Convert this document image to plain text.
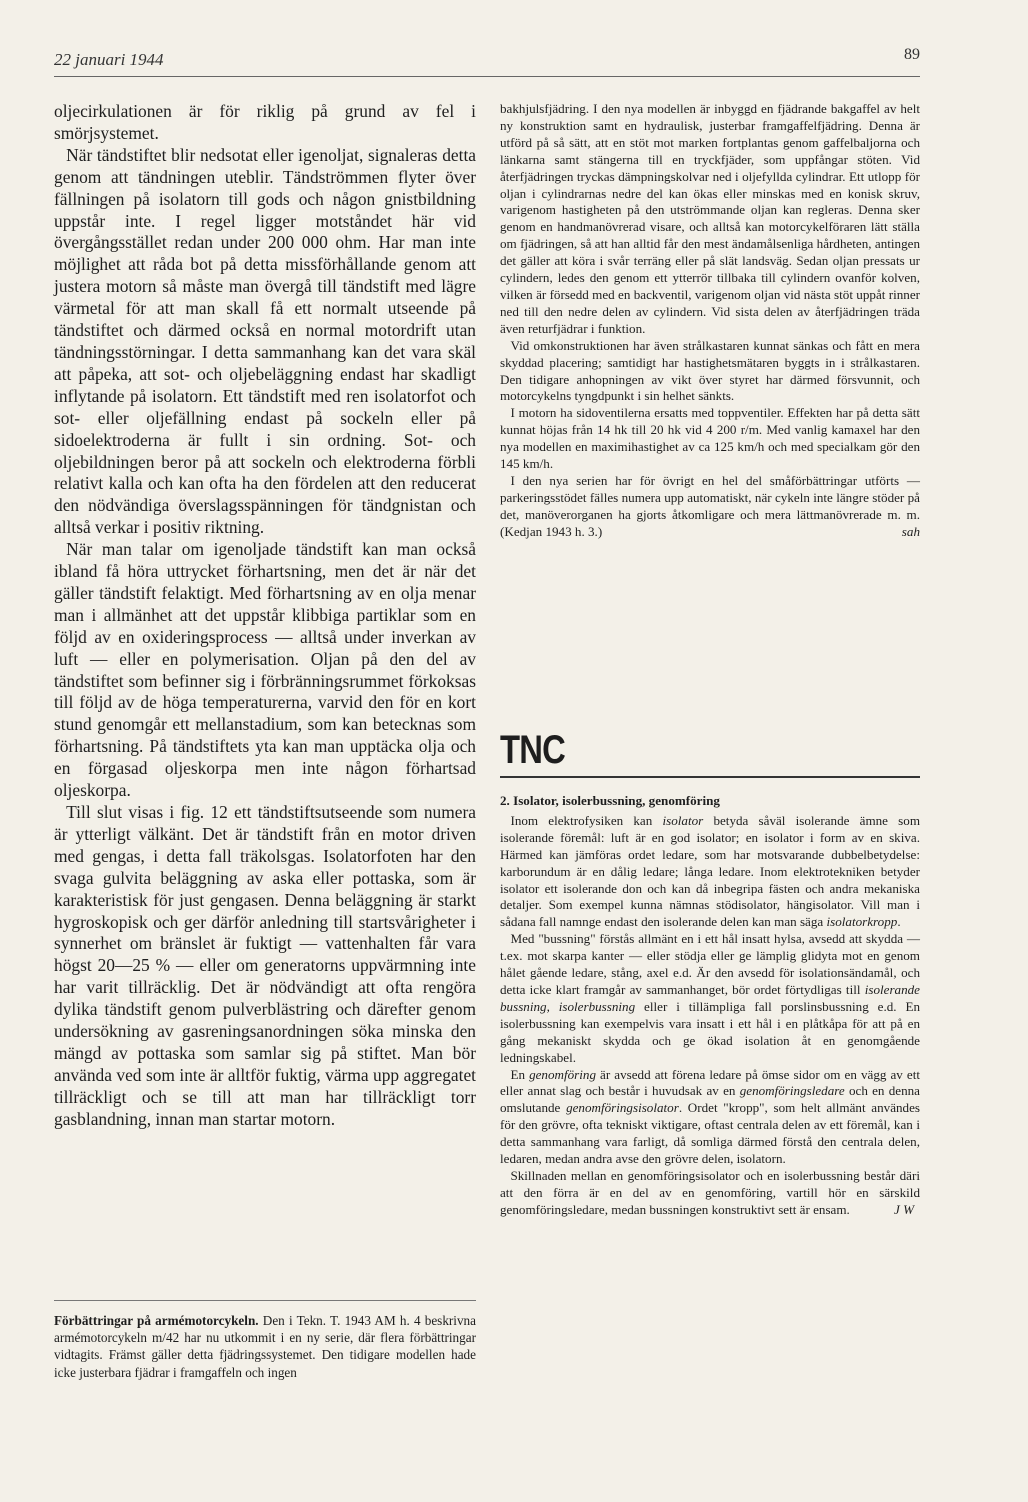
22 januari 1944	89

oljecirkulationen är för riklig på grund av fel i smörjsystemet.

När tändstiftet blir nedsotat eller igenoljat, signaleras detta genom att tändningen uteblir. Tändströmmen flyter över fällningen på isolatorn till gods och någon gnistbildning uppstår inte. I regel ligger motståndet här vid övergångsstället redan under 200 000 ohm. Har man inte möjlighet att råda bot på detta missförhållande genom att justera motorn så måste man övergå till tändstift med lägre värmetal för att man skall få ett normalt utseende på tändstiftet och därmed också en normal motordrift utan tändningsstörningar. I detta sammanhang kan det vara skäl att påpeka, att sot- och oljebeläggning endast har skadligt inflytande på isolatorn. Ett tändstift med ren isolatorfot och sot- eller oljefällning endast på sockeln eller på sidoelektroderna är fullt i sin ordning. Sot- och oljebildningen beror på att sockeln och elektroderna förbli relativt kalla och kan ofta ha den fördelen att den reducerat den nödvändiga överslagsspänningen för tändgnistan och alltså verkar i positiv riktning.

När man talar om igenoljade tändstift kan man också ibland få höra uttrycket förhartsning, men det är när det gäller tändstift felaktigt. Med förhartsning av en olja menar man i allmänhet att det uppstår klibbiga partiklar som en följd av en oxideringsprocess — alltså under inverkan av luft — eller en polymerisation. Oljan på den del av tändstiftet som befinner sig i förbränningsrummet förkoksas till följd av de höga temperaturerna, varvid den för en kort stund genomgår ett mellanstadium, som kan betecknas som förhartsning. På tändstiftets yta kan man upptäcka olja och en förgasad oljeskorpa men inte någon förhartsad oljeskorpa.

Till slut visas i fig. 12 ett tändstiftsutseende som numera är ytterligt välkänt. Det är tändstift från en motor driven med gengas, i detta fall träkolsgas. Isolatorfoten har den svaga gulvita beläggning av aska eller pottaska, som är karakteristisk för just gengasen. Denna beläggning är starkt hygroskopisk och ger därför anledning till startsvårigheter i synnerhet om bränslet är fuktigt — vattenhalten får vara högst 20—25 % — eller om generatorns uppvärmning inte har varit tillräcklig. Det är nödvändigt att ofta rengöra dylika tändstift genom pulverblästring och därefter genom undersökning av gasreningsanordningen söka minska den mängd av pottaska som samlar sig på stiftet. Man bör använda ved som inte är alltför fuktig, värma upp aggregatet tillräckligt och se till att man har tillräckligt torr gasblandning, innan man startar motorn.

Förbättringar på armémotorcykeln. Den i Tekn. T. 1943 AM h. 4 beskrivna armémotorcykeln m/42 har nu utkommit i en ny serie, där flera förbättringar vidtagits. Främst gäller detta fjädringssystemet. Den tidigare modellen hade icke justerbara fjädrar i framgaffeln och ingen

bakhjulsfjädring. I den nya modellen är inbyggd en fjädrande bakgaffel av helt ny konstruktion samt en hydraulisk, justerbar framgaffelfjädring. Denna är utförd på så sätt, att en stöt mot marken fortplantas genom gaffelbaljorna och länkarna samt stängerna till en tryckfjäder, som uppfångar stöten. Vid återfjädringen tryckas dämpningskolvar ned i oljefyllda cylindrar. Ett utlopp för oljan i cylindrarnas nedre del kan ökas eller minskas med en konisk skruv, varigenom hastigheten på den utströmmande oljan kan regleras. Denna sker genom en handmanövrerad visare, och alltså kan motorcykelföraren lätt ställa om fjädringen, så att han alltid får den mest ändamålsenliga hårdheten, antingen det gäller att köra i svår terräng eller på slät landsväg. Sedan oljan pressats ur cylindern, ledes den genom ett ytterrör tillbaka till cylindern ovanför kolven, vilken är försedd med en backventil, varigenom oljan vid nästa stöt uppåt rinner ned till den nedre delen av cylindern. Vid sista delen av återfjädringen träda även returfjädrar i funktion.

Vid omkonstruktionen har även strålkastaren kunnat sänkas och fått en mera skyddad placering; samtidigt har hastighetsmätaren byggts in i strålkastaren. Den tidigare anhopningen av vikt över styret har därmed försvunnit, och motorcykelns tyngdpunkt i sin helhet sänkts.

I motorn ha sidoventilerna ersatts med toppventiler. Effekten har på detta sätt kunnat höjas från 14 hk till 20 hk vid 4 200 r/m. Med vanlig kamaxel har den nya modellen en maximihastighet av ca 125 km/h och med specialkam gör den 145 km/h.

I den nya serien har för övrigt en hel del småförbättringar utförts — parkeringsstödet fälles numera upp automatiskt, när cykeln inte längre stöder på det, manöverorganen ha gjorts åtkomligare och mera lättmanövrerade m. m. (Kedjan 1943 h. 3.)	sah

TNC
2. Isolator, isolerbussning, genomföring

Inom elektrofysiken kan isolator betyda såväl isolerande ämne som isolerande föremål: luft är en god isolator; en isolator i form av en skiva. Härmed kan jämföras ordet ledare, som har motsvarande dubbelbetydelse: karborundum är en dålig ledare; långa ledare. Inom elektrotekniken betyder isolator ett isolerande don och kan då inbegripa fästen och andra mekaniska detaljer. Som exempel kunna nämnas stödisolator, hängisolator. Vill man i sådana fall namnge endast den isolerande delen kan man säga isolatorkropp.

Med "bussning" förstås allmänt en i ett hål insatt hylsa, avsedd att skydda — t.ex. mot skarpa kanter — eller stödja eller ge lämplig glidyta mot en genom hålet gående ledare, stång, axel e.d. Är den avsedd för isolationsändamål, och detta icke klart framgår av sammanhanget, bör ordet förtydligas till isolerande bussning, isolerbussning eller i tillämpliga fall porslinsbussning e.d. En isolerbussning kan exempelvis vara insatt i ett hål i en plåtkåpa för att på en gång mekaniskt skydda och ge ökad isolation åt en genomgående ledningskabel.

En genomföring är avsedd att förena ledare på ömse sidor om en vägg av ett eller annat slag och består i huvudsak av en genomföringsledare och en denna omslutande genomföringsisolator. Ordet "kropp", som helt allmänt användes för den grövre, ofta tekniskt viktigare, oftast centrala delen av ett föremål, kan i detta sammanhang vara farligt, då somliga därmed förstå den centrala delen, ledaren, medan andra avse den grövre delen, isolatorn.

Skillnaden mellan en genomföringsisolator och en isolerbussning består däri att den förra är en del av en genomföring, vartill hör en särskild genomföringsledare, medan bussningen konstruktivt sett är ensam.	J W
